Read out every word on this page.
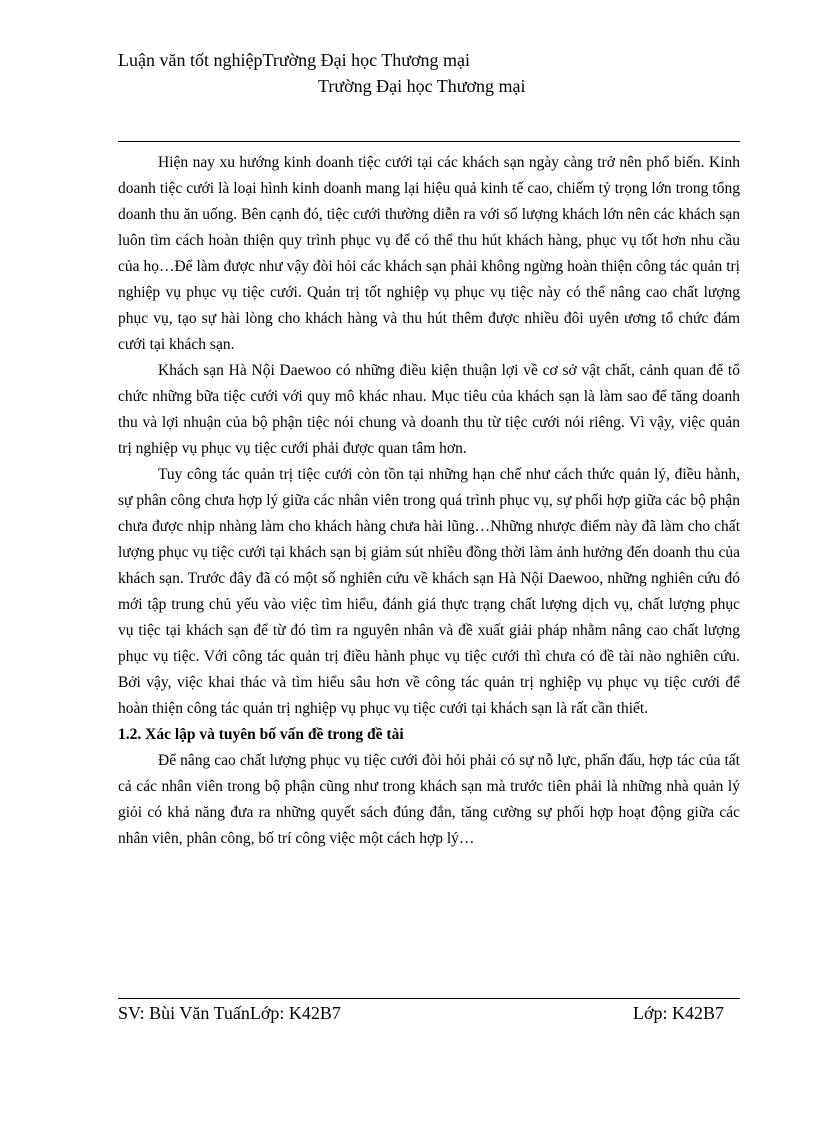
Luận văn tốt nghiệpTrường Đại học Thương mại
Trường Đại học Thương mại

Hiện nay xu hướng kinh doanh tiệc cưới tại các khách sạn ngày càng trở nên phổ biến. Kinh doanh tiệc cưới là loại hình kinh doanh mang lại hiệu quả kinh tế cao, chiếm tỷ trọng lớn trong tổng doanh thu ăn uống. Bên cạnh đó, tiệc cưới thường diễn ra với số lượng khách lớn nên các khách sạn luôn tìm cách hoàn thiện quy trình phục vụ để có thể thu hút khách hàng, phục vụ tốt hơn nhu cầu của họ…Để làm được như vậy đòi hỏi các khách sạn phải không ngừng hoàn thiện công tác quản trị nghiệp vụ phục vụ tiệc cưới. Quản trị tốt nghiệp vụ phục vụ tiệc này có thể nâng cao chất lượng phục vụ, tạo sự hài lòng cho khách hàng và thu hút thêm được nhiều đôi uyên ương tổ chức đám cưới tại khách sạn.

Khách sạn Hà Nội Daewoo có những điều kiện thuận lợi về cơ sở vật chất, cảnh quan để tổ chức những bữa tiệc cưới với quy mô khác nhau. Mục tiêu của khách sạn là làm sao để tăng doanh thu và lợi nhuận của bộ phận tiệc nói chung và doanh thu từ tiệc cưới nói riêng. Vì vậy, việc quản trị nghiệp vụ phục vụ tiệc cưới phải được quan tâm hơn.

Tuy công tác quản trị tiệc cưới còn tồn tại những hạn chế như cách thức quản lý, điều hành, sự phân công chưa hợp lý giữa các nhân viên trong quá trình phục vụ, sự phối hợp giữa các bộ phận chưa được nhịp nhàng làm cho khách hàng chưa hài lũng…Những nhược điểm này đã làm cho chất lượng phục vụ tiệc cưới tại khách sạn bị giảm sút nhiều đồng thời làm ảnh hưởng đến doanh thu của khách sạn. Trước đây đã có một số nghiên cứu về khách sạn Hà Nội Daewoo, những nghiên cứu đó mới tập trung chủ yếu vào việc tìm hiểu, đánh giá thực trạng chất lượng dịch vụ, chất lượng phục vụ tiệc tại khách sạn để từ đó tìm ra nguyên nhân và đề xuất giải pháp nhằm nâng cao chất lượng phục vụ tiệc. Với công tác quản trị điều hành phục vụ tiệc cưới thì chưa có đề tài nào nghiên cứu. Bởi vậy, việc khai thác và tìm hiểu sâu hơn về công tác quản trị nghiệp vụ phục vụ tiệc cưới để hoàn thiện công tác quản trị nghiệp vụ phục vụ tiệc cưới tại khách sạn là rất cần thiết.

1.2. Xác lập và tuyên bố vấn đề trong đề tài

Để nâng cao chất lượng phục vụ tiệc cưới đòi hỏi phải có sự nỗ lực, phấn đấu, hợp tác của tất cả các nhân viên trong bộ phận cũng như trong khách sạn mà trước tiên phải là những nhà quản lý giỏi có khả năng đưa ra những quyết sách đúng đắn, tăng cường sự phối hợp hoạt động giữa các nhân viên, phân công, bố trí công việc một cách hợp lý…

SV: Bùi Văn TuấnLớp: K42B7	Lớp: K42B7
